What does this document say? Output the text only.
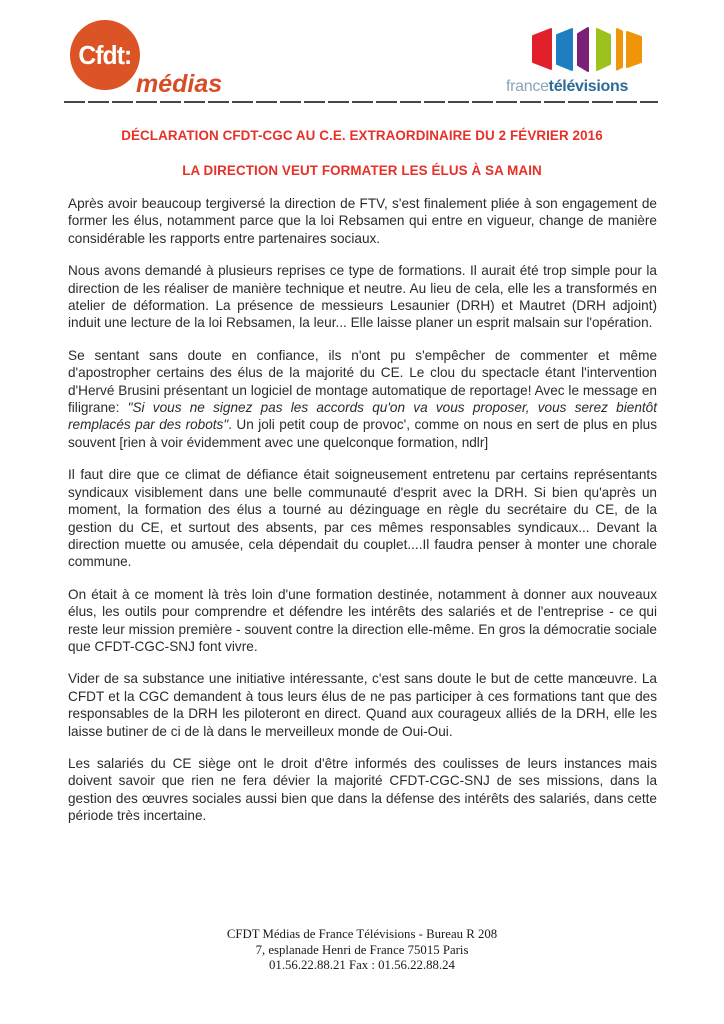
Cfdt:
médias	francetélévisions
DÉCLARATION CFDT-CGC AU C.E. EXTRAORDINAIRE DU 2 FÉVRIER 2016
LA DIRECTION VEUT FORMATER LES ÉLUS À SA MAIN

Après avoir beaucoup tergiversé la direction de FTV, s'est finalement pliée à son engagement de former les élus, notamment parce que la loi Rebsamen qui entre en vigueur, change de manière considérable les rapports entre partenaires sociaux.

Nous avons demandé à plusieurs reprises ce type de formations. Il aurait été trop simple pour la direction de les réaliser de manière technique et neutre. Au lieu de cela, elle les a transformés en atelier de déformation. La présence de messieurs Lesaunier (DRH) et Mautret (DRH adjoint) induit une lecture de la loi Rebsamen, la leur... Elle laisse planer un esprit malsain sur l'opération.

Se sentant sans doute en confiance, ils n'ont pu s'empêcher de commenter et même d'apostropher certains des élus de la majorité du CE. Le clou du spectacle étant l'intervention d'Hervé Brusini présentant un logiciel de montage automatique de reportage! Avec le message en filigrane: "Si vous ne signez pas les accords qu'on va vous proposer, vous serez bientôt remplacés par des robots". Un joli petit coup de provoc', comme on nous en sert de plus en plus souvent [rien à voir évidemment avec une quelconque formation, ndlr]

Il faut dire que ce climat de défiance était soigneusement entretenu par certains représentants syndicaux visiblement dans une belle communauté d'esprit avec la DRH. Si bien qu'après un moment, la formation des élus a tourné au dézinguage en règle du secrétaire du CE, de la gestion du CE, et surtout des absents, par ces mêmes responsables syndicaux... Devant la direction muette ou amusée, cela dépendait du couplet....Il faudra penser à monter une chorale commune.

On était à ce moment là très loin d'une formation destinée, notamment à donner aux nouveaux élus, les outils pour comprendre et défendre les intérêts des salariés et de l'entreprise - ce qui reste leur mission première - souvent contre la direction elle-même. En gros la démocratie sociale que CFDT-CGC-SNJ font vivre.

Vider de sa substance une initiative intéressante, c'est sans doute le but de cette manœuvre. La CFDT et la CGC demandent à tous leurs élus de ne pas participer à ces formations tant que des responsables de la DRH les piloteront en direct. Quand aux courageux alliés de la DRH, elle les laisse butiner de ci de là dans le merveilleux monde de Oui-Oui.

Les salariés du CE siège ont le droit d'être informés des coulisses de leurs instances mais doivent savoir que rien ne fera dévier la majorité CFDT-CGC-SNJ de ses missions, dans la gestion des œuvres sociales aussi bien que dans la défense des intérêts des salariés, dans cette période très incertaine.

CFDT Médias de France Télévisions - Bureau R 208
7, esplanade Henri de France 75015 Paris
01.56.22.88.21 Fax : 01.56.22.88.24
